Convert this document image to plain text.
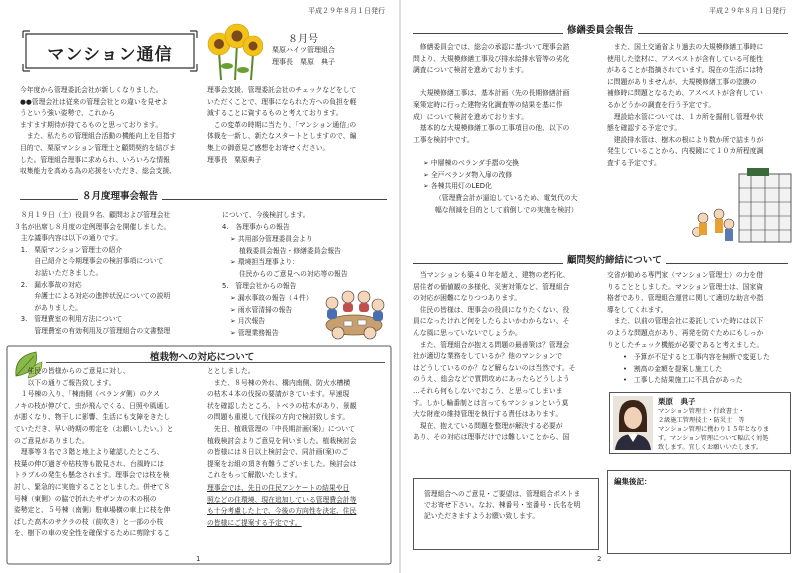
平成２９年８月１日発行
マンション通信
８月号
栗原ハイツ管理組合
理事長　栗原　典子
今年度から管理委託会社が新しくなりました。
●●管理会社は従来の管理会社との違いを見せよ
うという強い姿勢で、これから
ますます期待が持てるものと思っております。
　また、私たちの管理組合活動の機能向上を目指す
目的で、栗原マンション管理士と顧問契約を結びま
した。管理組合理事に求められ、いろいろな情報
収集能力を高める為の応援をいただき、総会支援、
理事会支援、管理委託会社のチェックなどをして
いただくことで、理事になられた方への負担を軽
減することに資するものと考えております。
　この変革の時期に当たり、｢マンション通信｣の
体裁を一新し、新たなスタートとしますので、編
集上の御意見ご感想をお寄せください。
理事長　栗原典子
８月度理事会報告
　８月１９日（土）役員９名、顧問および管理会社
３名が出席し８月度の定例理事会を開催しました。
　主な議事内容は以下の通りです。
　1.　栗原マンション管理士の紹介
　　　自己紹介と今期理事会の検討事項について
　　　お話いただきました。
　2.　漏水事故の対応
　　　弁護士による対応の進捗状況についての説明
　　　がありました。
　3.　管理費室の利用方法について
　　　管理費室の有効利用及び管理組合の文書整理
について、今後検討します。
4.　各理事からの報告
➢ 共用部分管理委員会より
　 植栽委員会報告・修繕委員会報告
➢ 環境担当理事より：
　 住民からのご意見への対応等の報告
5.　管理会社からの報告
➢ 漏水事故の報告（４件）
➢ 雨水管清掃の報告
➢ 月次報告
➢ 管理業務報告
植栽物への対応について
　　住民の皆様からのご意見に対し、
　　以下の通りご報告致します。
　１号棟の入り、｢棟南側（ベランダ側）のクス
ノキの枝が伸びて、虫が飛んでくる、日照や風通し
が悪くなり、物干しに影響、生活にも支障をきたし
ていただき、早い時期の剪定を（お願いしたい。）と
のご意見がありました。
　理事等３名で３階と地上より確認したところ、
枝葉の伸び過ぎや枯枝等も散見され、台風時には
トラブルの発生も懸念されます。理事会では枝を検
討し、緊急的に実施することとしました。併せて８
号棟（東側）の脇で折れたサザンカの木の根の
姿勢定と、５号棟（南側）駐車場横の車上に枝を伸
ばした高木のサクラの枝（前吹き）と一部の小枝
を、樹下の車の安全性を確保するために剪除するこ
ととしました。
　また、８号棟の外れ、構内南側、防火水槽横
の枯木４本の伐採の要請がきています。早速現
状を確認したところ、トベラの枯木があり、景観
の問題も重視して伐採の方向で検討致します。
　先日、植栽管理の「中長期計画(案)」について
植栽検討会よりご意見を伺いました。植栽検討会
の皆様には８日以上検討会で、同計画(案)のご
提案をお組の頂き有難うございました。検討会は
これをもって解散いたします。
理事会では、先日の住民アンケートの結果や日
照などの住環境、現在追加している管理費会計等
も十分考慮した上で、今後の方向性を決定、住民
の皆様にご提案する予定です。
1
平成２９年８月１日発行
修繕委員会報告
　修繕委員会では、総会の承認に基づいて理事会諮
問より、大規模修繕工事及び排水給排水管等の劣化
調査について検討を進めております。

　大規模修繕工事は、基本計画（先の長期修繕計画
案策定時に行った建物劣化調査等の結果を基に作
成）について検討を進めております。
　基本的な大規模修繕工事の工事項目の他、以下の
工事を検討中です。
➢ 中層棟のベランダ手摺の交換
➢ 全戸ベランダ物入扉の改修
➢ 各棟共用灯のLED化
（管理費会計が逼迫しているため、電気代の大
幅な削減を目的として前倒しでの実施を検討）
　また、国土交通省より過去の大規模修繕工事時に
使用した塗材に、アスベストが含有している可能性
があることが指摘されています。現在の生活には特
に問題がありませんが、大規模修繕工事の塗膜の
補修時に問題となるため、アスベストが含有してい
るかどうかの調査を行う予定です。
　理設給水管については、１カ所を掘削し管理や状
態を確認する予定です。
　建設排水管は、樹木の根により数か所で詰まりが
発生していることから、内視鏡にて１０カ所程度調
査する予定です。
顧問契約締結について
　当マンションも築４０年を超え、建物の老朽化、
居住者の価値観の多様化、災害対策など、管理組合
の対応が困難になりつつあります。
　住民の皆様は、理事会の役員になりたくない、役
員になったけれど何をしたらよいかわからない、そ
んな風に思っていないでしょうか。
　また、管理組合が抱える問題の最善策は？管理会
社が適切な業務をしているか？他のマンションで
はどうしているのか？など解らないのは当然です。そ
のうえ、総会などで質問攻めにあったらどうしよう
…それら何もしないでおこう、と思ってしまいま
す。しかし輪番制とは言ってもマンションという莫
大な財産の維持管理を執行する責任はあります。
　現在、抱えている問題を整理が解決する必要が
あり、その対応は理事だけでは難しいことから、国
交省が勧める専門家（マンション管理士）の力を借
りることとしました。マンション管理士は、国家資
格者であり、管理組合運営に関して適切な助言や指
導をしてくれます。
　また、以前の管理会社に委託していた時には以下
のような問題点があり、再発を防ぐためにもしっか
りとしたチェック機能が必要であると考えました。
•　予算が不足すると工事内容を無断で変更した
•　割高の金額を提案し施工した
•　工事した結果施工に不具合があった
栗原　典子
マンション管理士・行政書士・
２級施工管理技士・防災士　等
マンション管理に携わり１５年となりま
す。マンション管理について幅広く対処
致します。宜しくお願いいたします。
管理組合へのご意見・ご要望は、管理組合ポストま
でお寄せ下さい。なお、棟番号・室番号・氏名を明
記いただきますようお願い致します。
編集後記：
2
